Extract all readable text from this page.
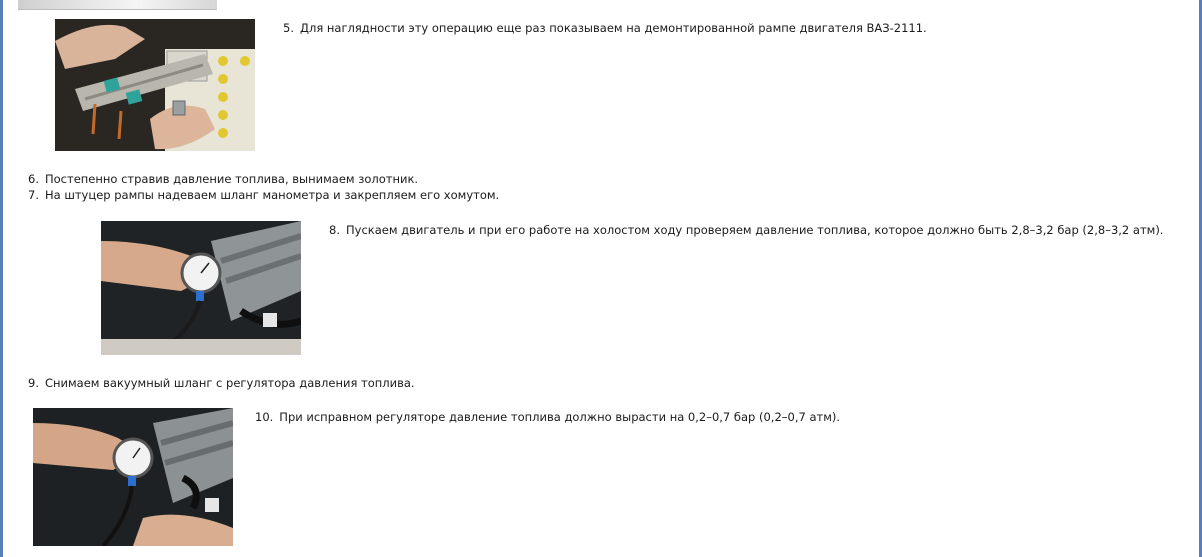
5. Для наглядности эту операцию еще раз показываем на демонтированной рампе двигателя ВАЗ-2111.
6. Постепенно стравив давление топлива, вынимаем золотник.
7. На штуцер рампы надеваем шланг манометра и закрепляем его хомутом.
8. Пускаем двигатель и при его работе на холостом ходу проверяем давление топлива, которое должно быть 2,8–3,2 бар (2,8–3,2 атм).
9. Снимаем вакуумный шланг с регулятора давления топлива.
10. При исправном регуляторе давление топлива должно вырасти на 0,2–0,7 бар (0,2–0,7 атм).
